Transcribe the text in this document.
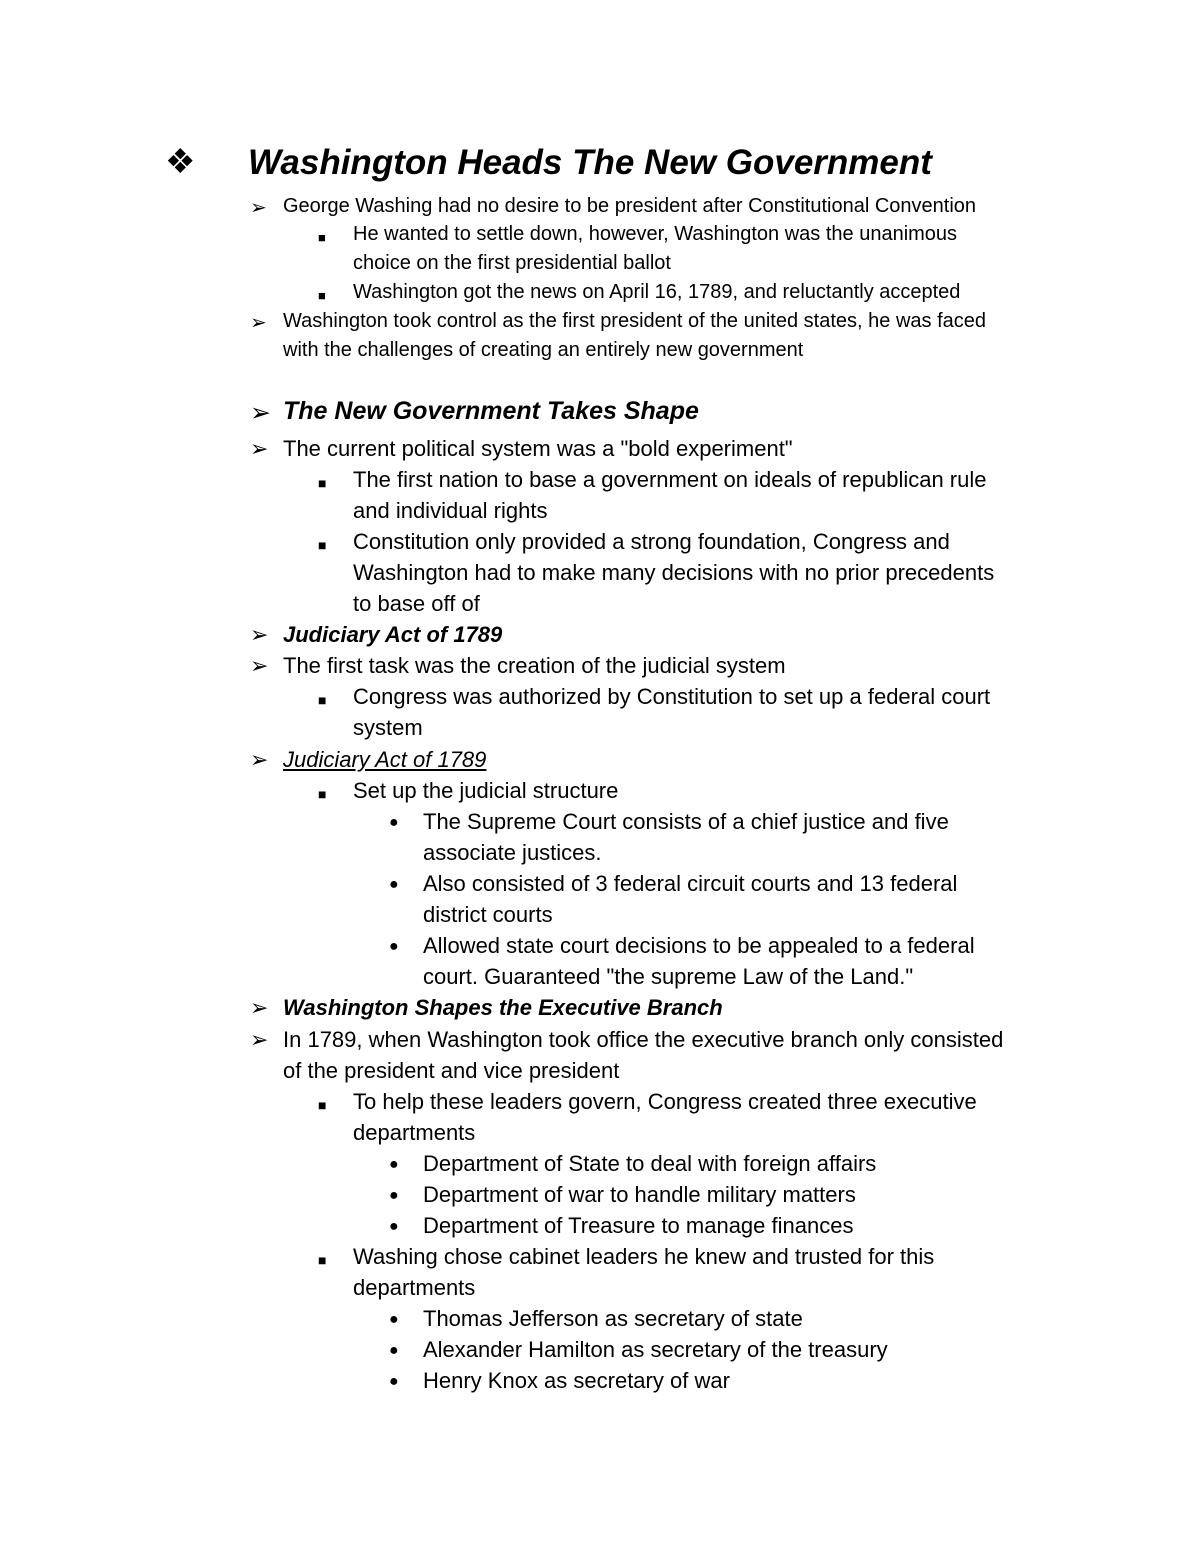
❖ Washington Heads The New Government
➢ George Washing had no desire to be president after Constitutional Convention
■ He wanted to settle down, however, Washington was the unanimous
choice on the first presidential ballot
■ Washington got the news on April 16, 1789, and reluctantly accepted
➢ Washington took control as the first president of the united states, he was faced
with the challenges of creating an entirely new government
➢ The New Government Takes Shape
➢ The current political system was a "bold experiment"
■ The first nation to base a government on ideals of republican rule
and individual rights
■ Constitution only provided a strong foundation, Congress and
Washington had to make many decisions with no prior precedents
to base off of
➢ Judiciary Act of 1789
➢ The first task was the creation of the judicial system
■ Congress was authorized by Constitution to set up a federal court
system
➢ Judiciary Act of 1789
■ Set up the judicial structure
● The Supreme Court consists of a chief justice and five
associate justices.
● Also consisted of 3 federal circuit courts and 13 federal
district courts
● Allowed state court decisions to be appealed to a federal
court. Guaranteed "the supreme Law of the Land."
➢ Washington Shapes the Executive Branch
➢ In 1789, when Washington took office the executive branch only consisted
of the president and vice president
■ To help these leaders govern, Congress created three executive
departments
● Department of State to deal with foreign affairs
● Department of war to handle military matters
● Department of Treasure to manage finances
■ Washing chose cabinet leaders he knew and trusted for this
departments
● Thomas Jefferson as secretary of state
● Alexander Hamilton as secretary of the treasury
● Henry Knox as secretary of war
